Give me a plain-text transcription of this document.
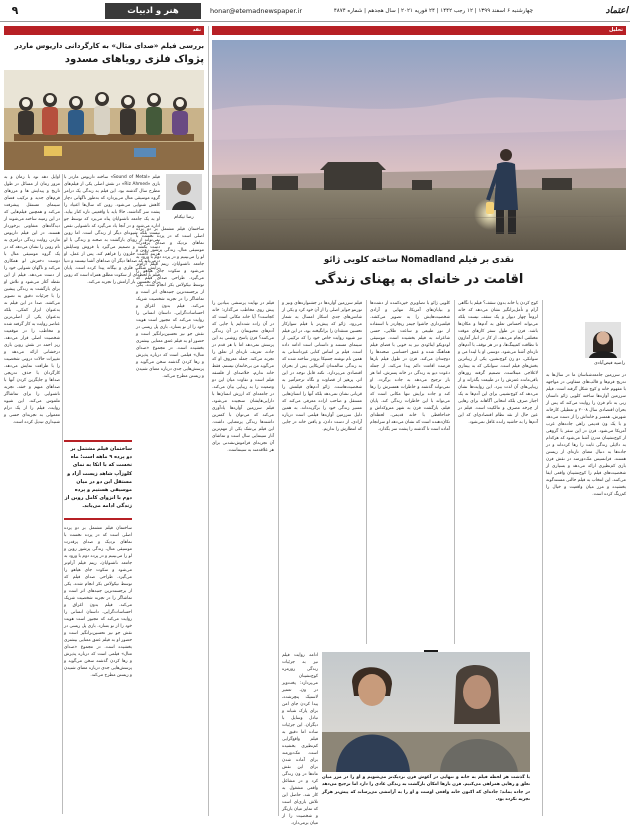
۹	هنر و ادبیات	honar@etemadnewspaper.ir	چهارشنبه ۶ اسفند ۱۳۹۹ | ۱۲ رجب ۱۴۴۲ | ۲۴ فوریه ۲۰۲۱ | سال هجدهم | شماره ۴۸۷۴	اعتماد
نقد
بررسی فیلم «صدای متال» به کارگردانی داریوس ماردر
پژواک فلزی رویاهای مسدود
رضا نیکنام

اوایل دهه نود با زمان و به مرور زمان از مسائل در طول تاریخ و پیدایش ها و مرزهای فرم‌های جدید و ترکیب فضای سینمای مستقل پیشرفت می‌کند و همچنین فیلم‌هایی که در این زمینه ساخته می‌شوند از دیدگاه‌های متفاوتی برخوردار هستند. در این فیلم داریوس ماردر، روایت زندگی درامری به نام روبن را نشان می‌دهد که در یک گروه موسیقی متال با دوست دخترش لو همکاری می‌کند و ناگهان شنوایی خود را از دست می‌دهد. فیلم از این نقطه آغاز می‌شود و تلاش او برای بازگشت به زندگی پیشین را با جزئیات دقیق به تصویر می‌کشد. صدا در این فیلم نه به‌عنوان ابزار کمکی، بلکه به‌عنوان یکی از اصلی‌ترین عناصر روایت به کار گرفته شده و مخاطب را در موقعیت شخصیت اصلی قرار می‌دهد. ریز احمد در نقش روبن بازی درخشانی ارائه می‌دهد و تغییرات حالات درونی شخصیت را با ظرافت نمایش می‌دهد. کارگردان با حذف تدریجی صداها و جایگزین کردن آنها با صداهای مبهم و خفه، تجربه ناشنوایی را برای تماشاگر ملموس می‌کند. این شیوه روایت، فیلم را از یک درام معمولی به تجربه‌ای حسی و شنیداری تبدیل کرده است.

فیلم «Sound of Metal» ساخته داریوس ماردر با بازی «Riz Ahmed» در نقش اصلی یکی از فیلم‌های مطرح سال گذشته بود. این فیلم به زندگی یک درامر گروه موسیقی متال می‌پردازد که به‌طور ناگهانی دچار کاهش شنوایی می‌شود. روبن که سال‌ها اعتیاد را پشت سر گذاشته، حالا باید با واقعیتی تازه کنار بیاید. او به یک جامعه ناشنوایان پناه می‌برد که توسط جو اداره می‌شود و در آنجا یاد می‌گیرد که ناشنوایی نقص نیست بلکه شیوه‌ای دیگر از زندگی است. اما روبن نمی‌تواند از رویای بازگشت به صحنه و زندگی با لو دست بکشد و تصمیم می‌گیرد با فروش وسایلش هزینه کاشت حلزون را فراهم کند. پس از عمل، او درمی‌یابد که صداها دیگر آن صداهای آشنا نیستند و دنیا برایش شکلی فلزی و بیگانه پیدا کرده است. پایان فیلم با لحظه‌ای از سکوت مطلق همراه است که روبن برای نخستین بار آرامش را تجربه می‌کند.

ساختمان فیلم مشتمل بر دو پرده اصلی است که در پرده نخست با نماهای نزدیک و صدای پرقدرت موسیقی متال، زندگی پرشور روبن و لو را می‌بینیم و در پرده دوم با ورود به جامعه ناشنوایان، ریتم فیلم آرام‌تر می‌شود و سکوت جای هیاهو را می‌گیرد. طراحی صدای فیلم که توسط نیکولاس بکر انجام شده، یکی از برجسته‌ترین جنبه‌های اثر است و تماشاگر را در تجربه شخصیت شریک می‌کند. فیلم بدون اغراق و احساسات‌گرایی، داستان انسانی را روایت می‌کند که مجبور است هویت خود را از نو بسازد. بازی پل ریسی در نقش جو نیز تحسین‌برانگیز است و حضور او به فیلم عمق معنایی بیشتری بخشیده است. در مجموع «صدای متال» فیلمی است که درباره پذیرش و رها کردن گذشته سخن می‌گوید و پرسش‌هایی جدی درباره معنای شنیدن و زیستن مطرح می‌کند.

ساختمان فیلم مشتمل بر دو پرده ۹ ماهه است؛ ماه نخست که با اتکا به نمای کلوزآپ شاهد زیست آزاد و مستقل این دو در میان موسیقی هستیم و پرده دوم با انزوای کامل روبن از زندگی ادامه می‌یابد.

ساختمان فیلم مشتمل بر دو پرده اصلی است که در پرده نخست با نماهای نزدیک و صدای پرقدرت موسیقی متال، زندگی پرشور روبن و لو را می‌بینیم و در پرده دوم با ورود به جامعه ناشنوایان، ریتم فیلم آرام‌تر می‌شود و سکوت جای هیاهو را می‌گیرد. طراحی صدای فیلم که توسط نیکولاس بکر انجام شده، یکی از برجسته‌ترین جنبه‌های اثر است و تماشاگر را در تجربه شخصیت شریک می‌کند. فیلم بدون اغراق و احساسات‌گرایی، داستان انسانی را روایت می‌کند که مجبور است هویت خود را از نو بسازد. بازی پل ریسی در نقش جو نیز تحسین‌برانگیز است و حضور او به فیلم عمق معنایی بیشتری بخشیده است. در مجموع «صدای متال» فیلمی است که درباره پذیرش و رها کردن گذشته سخن می‌گوید و پرسش‌هایی جدی درباره معنای شنیدن و زیستن مطرح می‌کند.

تحلیل
نقدی بر فیلم Nomadland ساخته کلویی ژائو
اقامت در خانه‌ای به پهنای زندگی
راضیه فیض‌آبادی

در سرزمین جامعه‌شناسان ما در سال‌ها به تدریج فرم‌ها و قالب‌های متفاوتی در مواجهه با مفهوم خانه و کوچ شکل گرفته است. فیلم سرزمین آواره‌ها ساخته کلویی ژائو داستان زنی به نام فرن را روایت می‌کند که پس از بحران اقتصادی سال ۲۰۰۸ و تعطیلی کارخانه شهرش، همسر و خانه‌اش را از دست می‌دهد و با یک ون قدیمی راهی جاده‌های غرب آمریکا می‌شود. فرن در این سفر با گروهی از کوچ‌نشینان مدرن آشنا می‌شود که هرکدام به دلایلی زندگی ثابت را رها کرده‌اند و در جاده‌ها به دنبال معنای تازه‌ای از زیستن هستند. فرانسیس مک‌دورمند در نقش فرن بازی کم‌نظیری ارائه می‌دهد و بسیاری از شخصیت‌های فیلم را کوچ‌نشینان واقعی ایفا می‌کنند. این انتخاب به فیلم حالتی مستندگونه بخشیده و مرز میان واقعیت و خیال را کم‌رنگ کرده است.

کوچ کردن یا خانه بدون سقف؟ فیلم با نگاهی آرام و تأمل‌برانگیز نشان می‌دهد که خانه لزوماً چهار دیوار و یک سقف نیست بلکه می‌تواند احساس تعلق به آدم‌ها و مکان‌ها باشد. فرن در طول سفر کارهای موقت مختلفی انجام می‌دهد، از کار در انبار آمازون تا نظافت کمپینگ‌ها، و در هر توقف با آدم‌های تازه‌ای آشنا می‌شود. دوستی او با لیندا می و سوانکی، دو زن کوچ‌نشین، یکی از زیباترین بخش‌های فیلم است. سوانکی که به بیماری لاعلاجی مبتلاست، تصمیم گرفته روزهای باقی‌مانده عمرش را در طبیعت بگذراند و از زیبایی‌های آن لذت ببرد. این روایت‌ها نشان می‌دهد که کوچ‌نشینی برای این آدم‌ها نه یک اجبار صرف بلکه انتخابی آگاهانه برای رهایی از چرخه مصرف و مالکیت است. فیلم در عین حال از نقد نظام اقتصادی‌ای که این آدم‌ها را به حاشیه رانده غافل نمی‌شود.

کلویی ژائو با تصاویری خیره‌کننده از دشت‌ها و بیابان‌های آمریکا، تنهایی و آزادی شخصیت‌هایش را به تصویر می‌کشد. فیلمبرداری جاشوا جیمز ریچاردز با استفاده از نور طبیعی و ساعت طلایی، حسی شاعرانه به فیلم بخشیده است. موسیقی لودویکو اینائودی نیز به خوبی با فضای فیلم هماهنگ شده و عمق احساسی صحنه‌ها را دوچندان می‌کند. فرن در طول فیلم بارها فرصت اقامت دائم پیدا می‌کند، از جمله دعوت دیو به زندگی در خانه پسرش، اما هر بار ترجیح می‌دهد به جاده برگردد. او نمی‌تواند گذشته و خاطرات همسرش را رها کند و جاده برایش تنها مکانی است که می‌تواند با این خاطرات زندگی کند. پایان فیلم، بازگشت فرن به شهر متروکه‌اش و خداحافظی با خانه قدیمی، لحظه‌ای تکان‌دهنده است که نشان می‌دهد او سرانجام آماده است تا گذشته را پشت سر بگذارد.

فیلم سرزمین آواره‌ها در جشنواره‌های ونیز و تورنتو جوایز اصلی را از آن خود کرد و یکی از شانس‌های جدی اسکار امسال به شمار می‌رود. ژائو که پیش‌تر با فیلم سوارکار تحسین منتقدان را برانگیخته بود، در این فیلم نیز شیوه روایت خاص خود را که ترکیبی از سینمای مستند و داستانی است ادامه داده است. فیلم بر اساس کتابی غیرداستانی به همین نام نوشته جسیکا برودر ساخته شده که به زندگی سالمندان آمریکایی پس از بحران اقتصادی می‌پردازد. نکته قابل توجه در این اثر، پرهیز از قضاوت و نگاه ترحم‌آمیز به شخصیت‌هاست. ژائو آدم‌های فیلمش را قربانی نشان نمی‌دهد بلکه آنها را انسان‌هایی مستقل و صاحب اراده معرفی می‌کند که مسیر زندگی خود را برگزیده‌اند. به همین دلیل سرزمین آواره‌ها فیلمی است درباره آزادی، از دست دادن، و یافتن خانه در جایی که انتظارش را نداریم.

فیلم در نهایت پرسشی بنیادین را پیش روی مخاطب می‌گذارد: خانه کجاست؟ آیا خانه مکانی است که در آن زاده شده‌ایم یا جایی که آدم‌های محبوبمان در آن زندگی می‌کنند؟ فرن پاسخ روشنی به این پرسش نمی‌دهد اما با هر قدم در جاده، تعریف تازه‌ای از تعلق را تجربه می‌کند. جمله معروف او که می‌گوید من بی‌خانمان نیستم، فقط خانه ندارم، خلاصه‌ای از فلسفه فیلم است و تفاوت میان این دو وضعیت را به زیبایی بیان می‌کند. در جامعه‌ای که ارزش انسان‌ها با دارایی‌هایشان سنجیده می‌شود، فیلم سرزمین آواره‌ها یادآوری می‌کند که می‌توان با کمترین داشته‌ها زندگی پرمعنایی داشت. این فیلم بی‌شک یکی از مهم‌ترین آثار سینمایی سال است و تماشای آن تجربه‌ای فراموش‌نشدنی برای هر علاقه‌مند به سینماست.

ادامه روایت فیلم نیز به جزئیات زندگی روزمره کوچ‌نشینان می‌پردازد: پخت‌وپز در ون، تعمیر لاستیک پنچرشده، پیدا کردن جای امن برای پارک شبانه و تبادل وسایل با دیگران. این جزئیات ساده اما دقیق به فیلم واقع‌گرایی کم‌نظیری بخشیده است. مک‌دورمند برای آماده شدن برای این نقش ماه‌ها در ون زندگی کرد و در مشاغل واقعی مشغول به کار شد. حاصل این تلاش بازی‌ای است که تمایز میان بازیگر و شخصیت را از میان برمی‌دارد.

با گذشت هر لحظه فیلم به خانه و تنهایی در آغوش فرن نزدیک‌تر می‌شویم و او را در مرز میان تعلق و رهایی همراهی می‌کنیم. فرن بارها امکان بازگشت به زندگی عادی را دارد اما ترجیح می‌دهد در جاده بماند؛ جاده‌ای که اکنون خانه واقعی اوست و او را به آرامشی می‌رساند که پیش‌تر هرگز تجربه نکرده بود.
